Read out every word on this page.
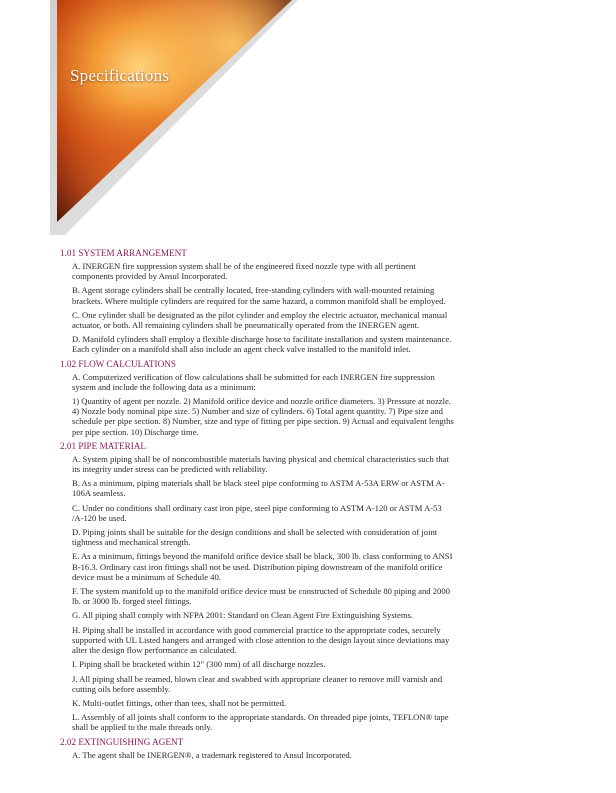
Specifications
1.01 SYSTEM ARRANGEMENT
A. INERGEN fire suppression system shall be of the engineered fixed nozzle type with all pertinent components provided by Ansul Incorporated.
B. Agent storage cylinders shall be centrally located, free-standing cylinders with wall-mounted retaining brackets. Where multiple cylinders are required for the same hazard, a common manifold shall be employed.
C. One cylinder shall be designated as the pilot cylinder and employ the electric actuator, mechanical manual actuator, or both. All remaining cylinders shall be pneumatically operated from the INERGEN agent.
D. Manifold cylinders shall employ a flexible discharge hose to facilitate installation and system maintenance. Each cylinder on a manifold shall also include an agent check valve installed to the manifold inlet.
1.02 FLOW CALCULATIONS
A. Computerized verification of flow calculations shall be submitted for each INERGEN fire suppression system and include the following data as a minimum:
1) Quantity of agent per nozzle. 2) Manifold orifice device and nozzle orifice diameters. 3) Pressure at nozzle. 4) Nozzle body nominal pipe size. 5) Number and size of cylinders. 6) Total agent quantity. 7) Pipe size and schedule per pipe section. 8) Number, size and type of fitting per pipe section. 9) Actual and equivalent lengths per pipe section. 10) Discharge time.
2.01 PIPE MATERIAL
A. System piping shall be of noncombustible materials having physical and chemical characteristics such that its integrity under stress can be predicted with reliability.
B. As a minimum, piping materials shall be black steel pipe conforming to ASTM A-53A ERW or ASTM A-106A seamless.
C. Under no conditions shall ordinary cast iron pipe, steel pipe conforming to ASTM A-120 or ASTM A-53 /A-120 be used.
D. Piping joints shall be suitable for the design conditions and shall be selected with consideration of joint tightness and mechanical strength.
E. As a minimum, fittings beyond the manifold orifice device shall be black, 300 lb. class conforming to ANSI B-16.3. Ordinary cast iron fittings shall not be used. Distribution piping downstream of the manifold orifice device must be a minimum of Schedule 40.
F. The system manifold up to the manifold orifice device must be constructed of Schedule 80 piping and 2000 lb. or 3000 lb. forged steel fittings.
G. All piping shall comply with NFPA 2001: Standard on Clean Agent Fire Extinguishing Systems.
H. Piping shall be installed in accordance with good commercial practice to the appropriate codes, securely supported with UL Listed hangers and arranged with close attention to the design layout since deviations may alter the design flow performance as calculated.
I. Piping shall be bracketed within 12" (300 mm) of all discharge nozzles.
J. All piping shall be reamed, blown clear and swabbed with appropriate cleaner to remove mill varnish and cutting oils before assembly.
K. Multi-outlet fittings, other than tees, shall not be permitted.
L. Assembly of all joints shall conform to the appropriate standards. On threaded pipe joints, TEFLON® tape shall be applied to the male threads only.
2.02 EXTINGUISHING AGENT
A. The agent shall be INERGEN®, a trademark registered to Ansul Incorporated.
